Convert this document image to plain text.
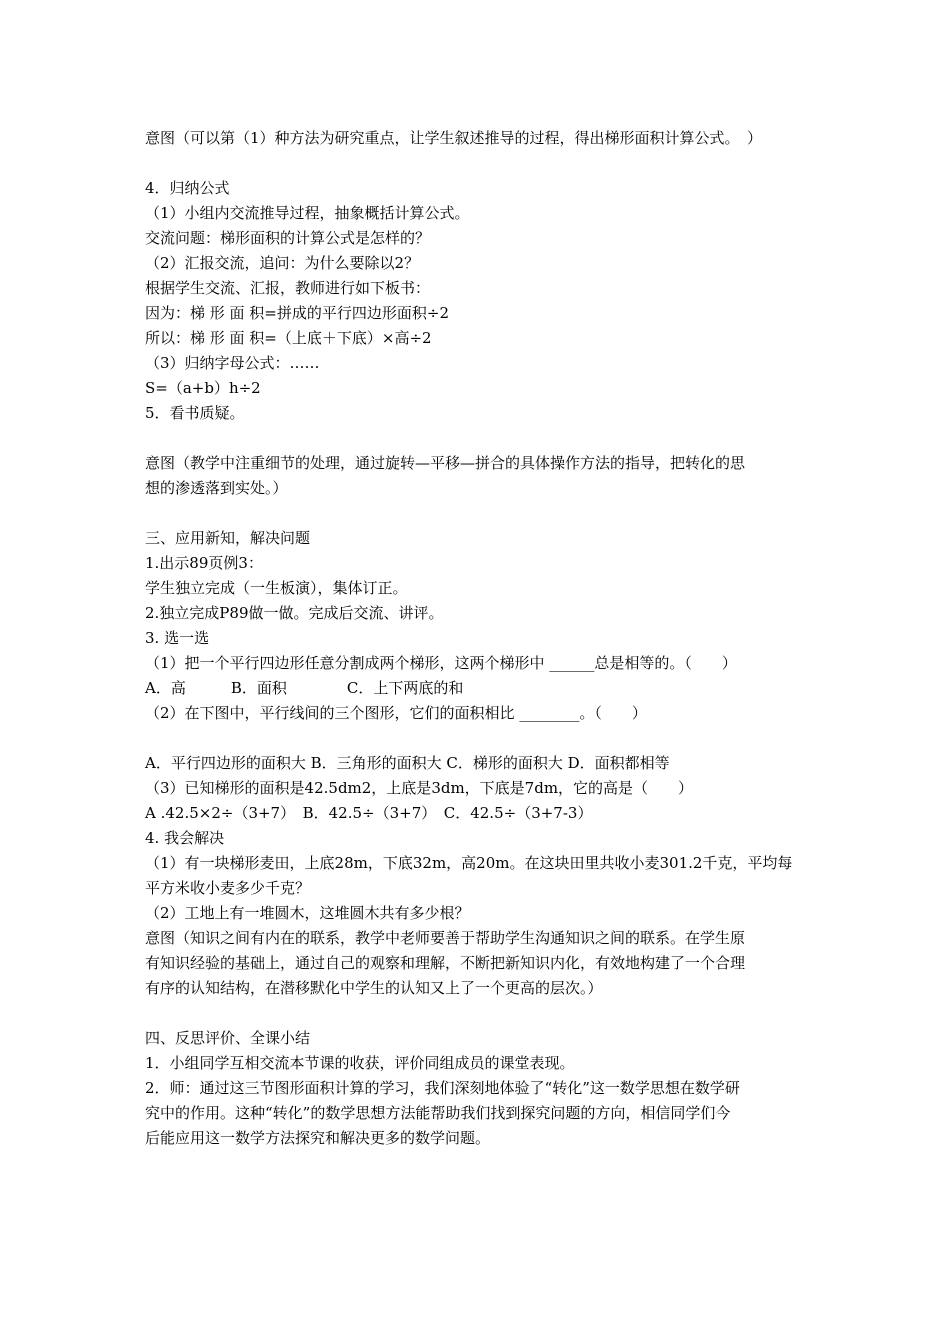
意图（可以第（1）种方法为研究重点，让学生叙述推导的过程，得出梯形面积计算公式。　）
4．归纳公式
（1）小组内交流推导过程，抽象概括计算公式。
交流问题：梯形面积的计算公式是怎样的？
（2）汇报交流，追问：为什么要除以2？
根据学生交流、汇报，教师进行如下板书：
因为：梯 形 面 积=拼成的平行四边形面积÷2
所以：梯 形 面 积=（上底＋下底）×高÷2
（3）归纳字母公式：……
S=（a+b）h÷2
5．看书质疑。
意图（教学中注重细节的处理，通过旋转—平移—拼合的具体操作方法的指导，把转化的思
想的渗透落到实处。）
三、应用新知，解决问题
1.出示89页例3：
学生独立完成（一生板演），集体订正。
2.独立完成P89做一做。完成后交流、讲评。
3. 选一选
（1）把一个平行四边形任意分割成两个梯形，这两个梯形中 ______总是相等的。（　　）
A．高　　　B．面积　　　　C．上下两底的和
（2）在下图中，平行线间的三个图形，它们的面积相比 ________。（　　）
A．平行四边形的面积大 B．三角形的面积大 C．梯形的面积大 D．面积都相等
（3）已知梯形的面积是42.5dm2，上底是3dm，下底是7dm，它的高是（　　）
A .42.5×2÷（3+7）　B．42.5÷（3+7）　C．42.5÷（3+7-3）
4. 我会解决
（1）有一块梯形麦田，上底28m，下底32m，高20m。在这块田里共收小麦301.2千克，平均每
平方米收小麦多少千克？
（2）工地上有一堆圆木，这堆圆木共有多少根？
意图（知识之间有内在的联系，教学中老师要善于帮助学生沟通知识之间的联系。在学生原
有知识经验的基础上，通过自己的观察和理解，不断把新知识内化，有效地构建了一个合理
有序的认知结构，在潜移默化中学生的认知又上了一个更高的层次。）
四、反思评价、全课小结
1．小组同学互相交流本节课的收获，评价同组成员的课堂表现。
2．师：通过这三节图形面积计算的学习，我们深刻地体验了“转化”这一数学思想在数学研
究中的作用。这种“转化”的数学思想方法能帮助我们找到探究问题的方向，相信同学们今
后能应用这一数学方法探究和解决更多的数学问题。
